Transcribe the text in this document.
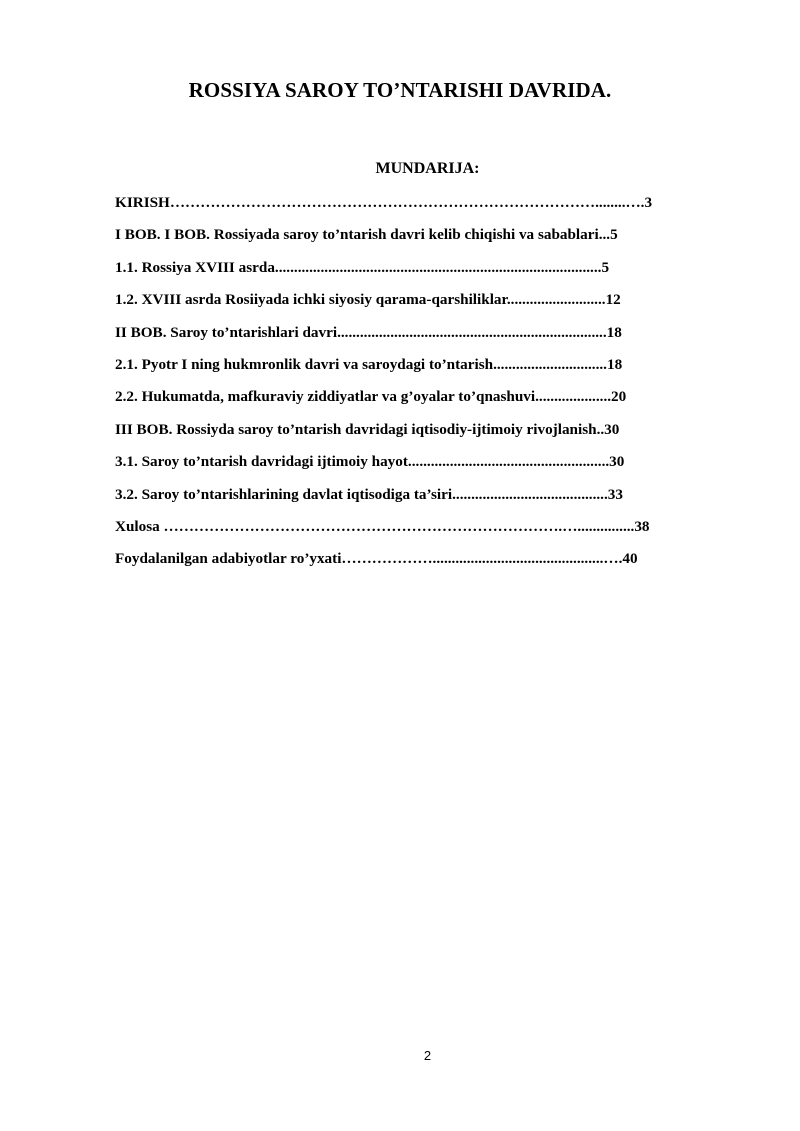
ROSSIYA SAROY TO’NTARISHI DAVRIDA.
MUNDARIJA:
KIRISH…………………………………………………………………………........….3
I BOB. I BOB. Rossiyada saroy to’ntarish davri kelib chiqishi va sabablari...5
1.1. Rossiya XVIII asrda......................................................................................5
1.2. XVIII asrda Rosiiyada ichki siyosiy qarama-qarshiliklar..........................12
II BOB. Saroy to’ntarishlari davri.......................................................................18
2.1. Pyotr I ning hukmronlik davri va saroydagi to’ntarish..............................18
2.2. Hukumatda, mafkuraviy ziddiyatlar va g’oyalar to’qnashuvi....................20
III BOB. Rossiyda saroy to’ntarish davridagi iqtisodiy-ijtimoiy rivojlanish..30
3.1. Saroy to’ntarish davridagi ijtimoiy hayot.....................................................30
3.2. Saroy to’ntarishlarining davlat iqtisodiga ta’siri.........................................33
Xulosa …………………………………………………………………….…...............38
Foydalanilgan adabiyotlar ro’yxati……………….............................................….40
2
